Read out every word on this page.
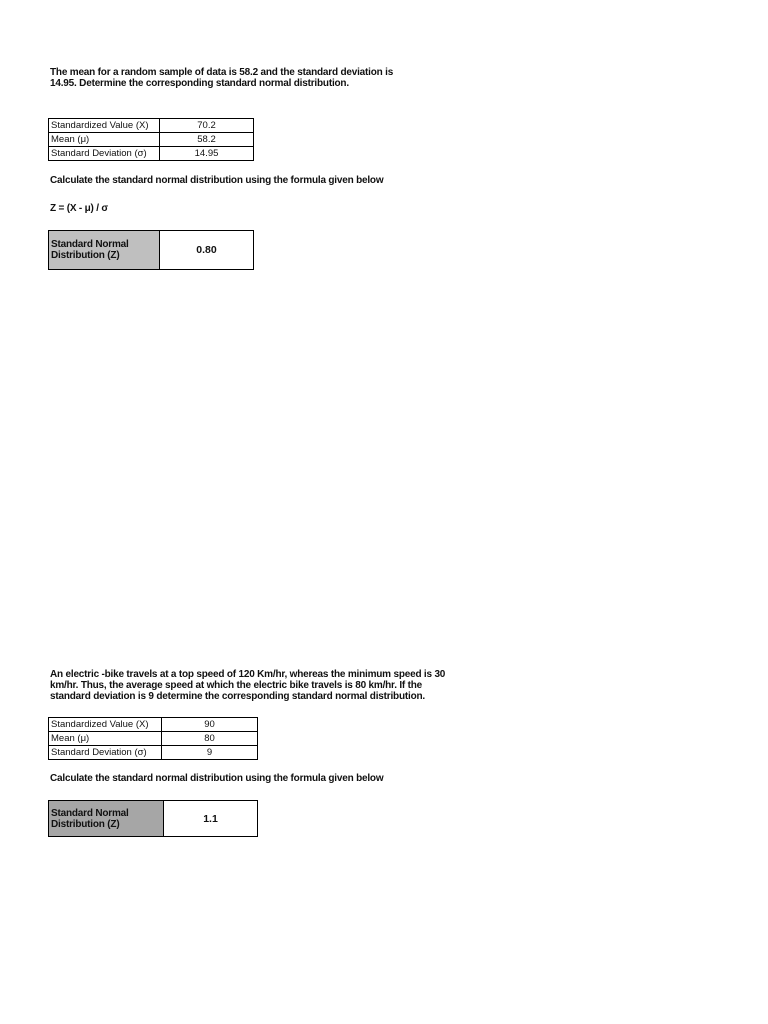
The mean for a random sample of data is 58.2 and the standard deviation is
14.95. Determine the corresponding standard normal distribution.
Standardized Value (X)	70.2
Mean (μ)	58.2
Standard Deviation (σ)	14.95
Calculate the standard normal distribution using the formula given below
Z = (X - μ) / σ
Standard Normal
Distribution (Z)	0.80
An electric -bike travels at a top speed of 120 Km/hr, whereas the minimum speed is 30
km/hr. Thus, the average speed at which the electric bike travels is 80 km/hr. If the
standard deviation is 9 determine the corresponding standard normal distribution.
Standardized Value (X)	90
Mean (μ)	80
Standard Deviation (σ)	9
Calculate the standard normal distribution using the formula given below
Standard Normal
Distribution (Z)	1.1
